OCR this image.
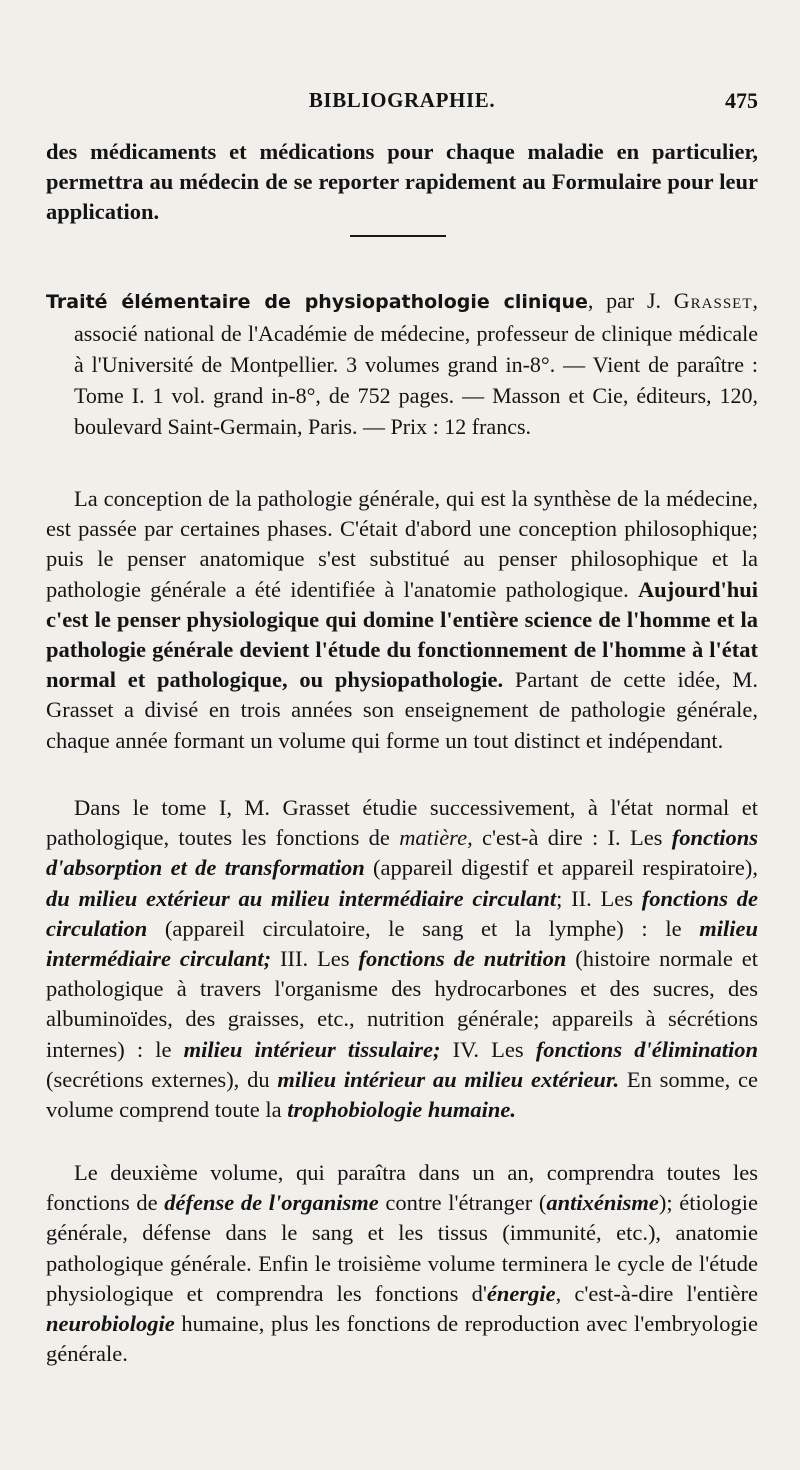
BIBLIOGRAPHIE.	475

des médicaments et médications pour chaque maladie en particulier, permettra au médecin de se reporter rapidement au Formulaire pour leur application.

Traité élémentaire de physiopathologie clinique, par J. Grasset, associé national de l'Académie de médecine, professeur de clinique médicale à l'Université de Montpellier. 3 volumes grand in-8°. — Vient de paraître : Tome I. 1 vol. grand in-8°, de 752 pages. — Masson et Cie, éditeurs, 120, boulevard Saint-Germain, Paris. — Prix : 12 francs.

La conception de la pathologie générale, qui est la synthèse de la médecine, est passée par certaines phases. C'était d'abord une conception philosophique; puis le penser anatomique s'est substitué au penser philosophique et la pathologie générale a été identifiée à l'anatomie pathologique. Aujourd'hui c'est le penser physiologique qui domine l'entière science de l'homme et la pathologie générale devient l'étude du fonctionnement de l'homme à l'état normal et pathologique, ou physiopathologie. Partant de cette idée, M. Grasset a divisé en trois années son enseignement de pathologie générale, chaque année formant un volume qui forme un tout distinct et indépendant.

Dans le tome I, M. Grasset étudie successivement, à l'état normal et pathologique, toutes les fonctions de matière, c'est-à dire : I. Les fonctions d'absorption et de transformation (appareil digestif et appareil respiratoire), du milieu extérieur au milieu intermédiaire circulant; II. Les fonctions de circulation (appareil circulatoire, le sang et la lymphe) : le milieu intermédiaire circulant; III. Les fonctions de nutrition (histoire normale et pathologique à travers l'organisme des hydrocarbones et des sucres, des albuminoïdes, des graisses, etc., nutrition générale; appareils à sécrétions internes) : le milieu intérieur tissulaire; IV. Les fonctions d'élimination (secrétions externes), du milieu intérieur au milieu extérieur. En somme, ce volume comprend toute la trophobiologie humaine.

Le deuxième volume, qui paraîtra dans un an, comprendra toutes les fonctions de défense de l'organisme contre l'étranger (antixénisme); étiologie générale, défense dans le sang et les tissus (immunité, etc.), anatomie pathologique générale. Enfin le troisième volume terminera le cycle de l'étude physiologique et comprendra les fonctions d'énergie, c'est-à-dire l'entière neurobiologie humaine, plus les fonctions de reproduction avec l'embryologie générale.
